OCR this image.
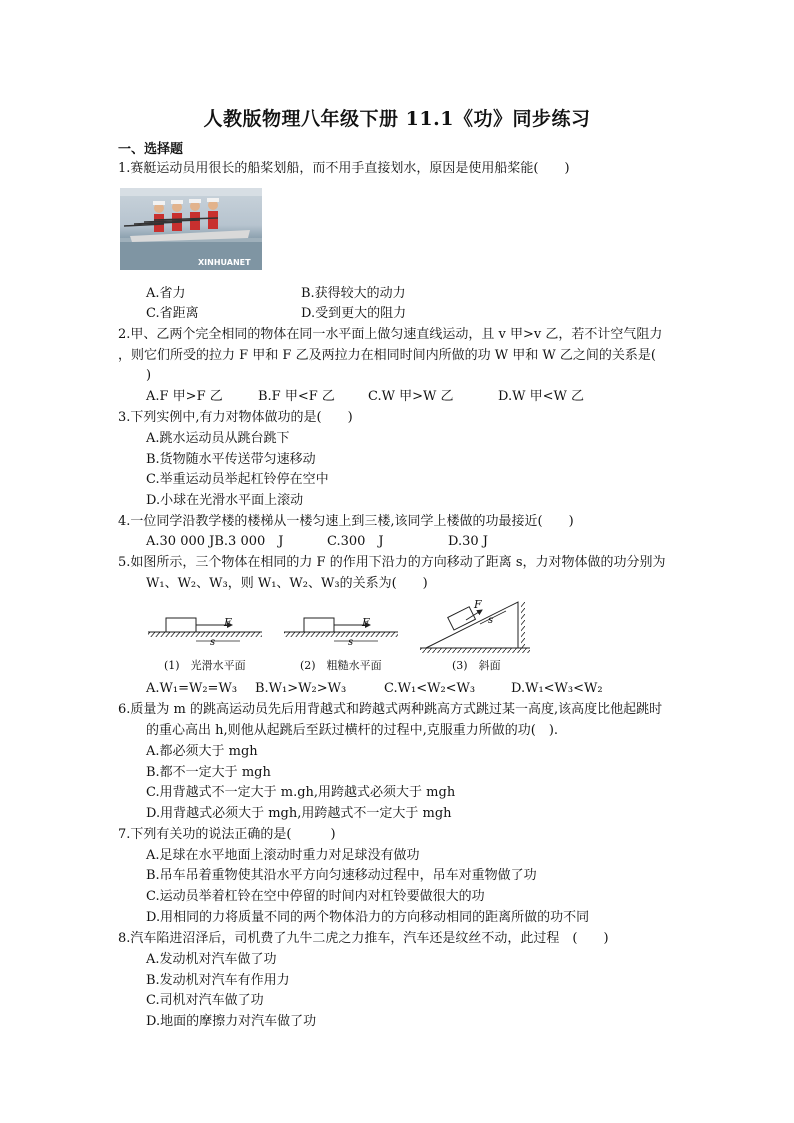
人教版物理八年级下册 11.1《功》同步练习
一、选择题
1.赛艇运动员用很长的船桨划船，而不用手直接划水，原因是使用船桨能(　　)
XINHUANET
A.省力	B.获得较大的动力
C.省距离	D.受到更大的阻力
2.甲、乙两个完全相同的物体在同一水平面上做匀速直线运动，且 v 甲>v 乙，若不计空气阻力
，则它们所受的拉力 F 甲和 F 乙及两拉力在相同时间内所做的功 W 甲和 W 乙之间的关系是(
)
A.F 甲>F 乙	B.F 甲<F 乙	C.W 甲>W 乙	D.W 甲<W 乙
3.下列实例中,有力对物体做功的是(　　)
A.跳水运动员从跳台跳下
B.货物随水平传送带匀速移动
C.举重运动员举起杠铃停在空中
D.小球在光滑水平面上滚动
4.一位同学沿教学楼的楼梯从一楼匀速上到三楼,该同学上楼做的功最接近(　　)
A.30 000 JB.3 000　J	C.300　J	D.30 J
5.如图所示，三个物体在相同的力 F 的作用下沿力的方向移动了距离 s，力对物体做的功分别为
W₁、W₂、W₃，则 W₁、W₂、W₃的关系为(　　)
F
s
F
s
F
s
(1)　光滑水平面	(2)　粗糙水平面	(3)　斜面
A.W₁=W₂=W₃ B.W₁>W₂>W₃	C.W₁<W₂<W₃	D.W₁<W₃<W₂
6.质量为 m 的跳高运动员先后用背越式和跨越式两种跳高方式跳过某一高度,该高度比他起跳时
的重心高出 h,则他从起跳后至跃过横杆的过程中,克服重力所做的功(　).
A.都必须大于 mgh
B.都不一定大于 mgh
C.用背越式不一定大于 m.gh,用跨越式必须大于 mgh
D.用背越式必须大于 mgh,用跨越式不一定大于 mgh
7.下列有关功的说法正确的是(　　　)
A.足球在水平地面上滚动时重力对足球没有做功
B.吊车吊着重物使其沿水平方向匀速移动过程中，吊车对重物做了功
C.运动员举着杠铃在空中停留的时间内对杠铃要做很大的功
D.用相同的力将质量不同的两个物体沿力的方向移动相同的距离所做的功不同
8.汽车陷进沼泽后，司机费了九牛二虎之力推车，汽车还是纹丝不动，此过程　(　　)
A.发动机对汽车做了功
B.发动机对汽车有作用力
C.司机对汽车做了功
D.地面的摩擦力对汽车做了功
